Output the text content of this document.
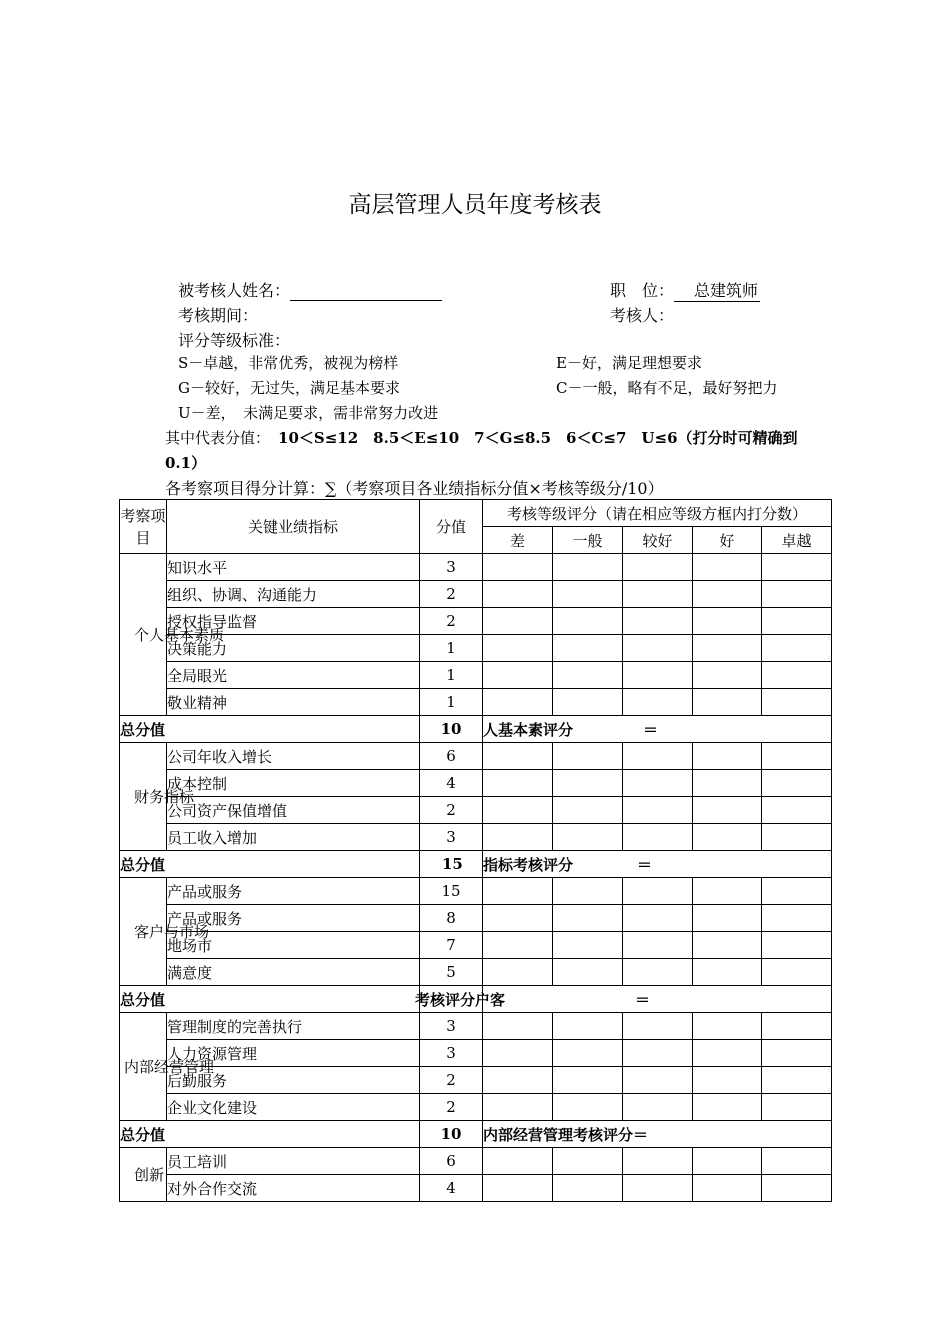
高层管理人员年度考核表
被考核人姓名：	职　位： 总建筑师
考核期间：	考核人：
评分等级标准：
S－卓越，非常优秀，被视为榜样	E－好，满足理想要求
G－较好，无过失，满足基本要求	C－一般，略有不足，最好努把力
U－差，　未满足要求，需非常努力改进
其中代表分值： 10＜S≤12　8.5＜E≤10　7＜G≤8.5　6＜C≤7　U≤6（打分时可精确到
0.1）
各考察项目得分计算：∑（考察项目各业绩指标分值×考核等级分/10）
考察项目	关键业绩指标	分值	考核等级评分（请在相应等级方框内打分数）				
			差	一般	较好	好	卓越
个人基本素质	知识水平	3					
	组织、协调、沟通能力	2					
	授权指导监督	2					
	决策能力	1					
	全局眼光	1					
	敬业精神	1					
总分值		10	人基本素评分 ＝				
财务指标	公司年收入增长	6					
	成本控制	4					
	公司资产保值增值	2					
	员工收入增加	3					
总分值		15	指标考核评分 ＝				
客户与市场	产品或服务	15					
	产品或服务	8					
	地场市	7					
	满意度	5					
总分值			考核评分户客 ＝				
内部经营管理	管理制度的完善执行	3					
	人力资源管理	3					
	后勤服务	2					
	企业文化建设	2					
总分值		10	内部经营管理考核评分＝				
创新	员工培训	6					
	对外合作交流	4					
